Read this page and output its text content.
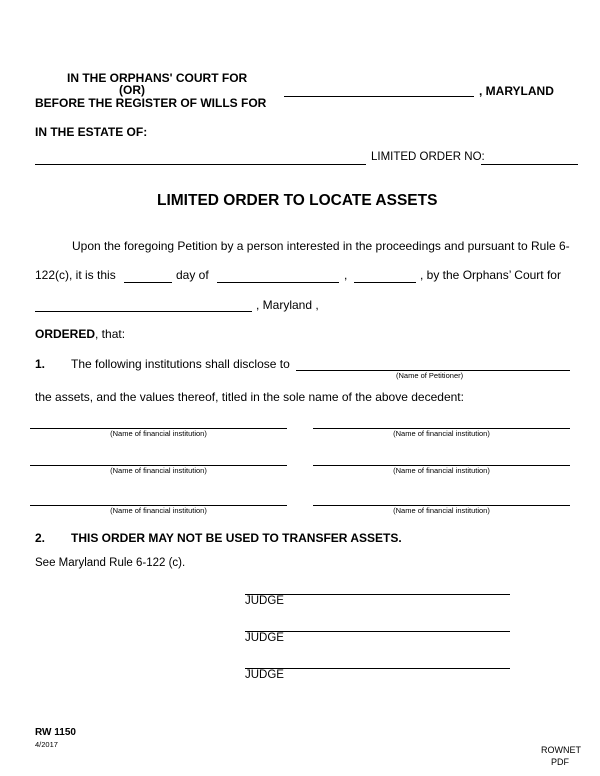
IN THE ORPHANS' COURT FOR
(OR)
BEFORE THE REGISTER OF WILLS FOR
, MARYLAND
IN THE ESTATE OF:
LIMITED ORDER NO:
LIMITED ORDER TO LOCATE ASSETS
Upon the foregoing Petition by a person interested in the proceedings and pursuant to Rule 6-
122(c), it is this	day of	,	, by the Orphans’ Court for
, Maryland ,
ORDERED, that:
1. The following institutions shall disclose to
(Name of Petitioner)
the assets, and the values thereof, titled in the sole name of the above decedent:
(Name of financial institution)	(Name of financial institution)
(Name of financial institution)	(Name of financial institution)
(Name of financial institution)	(Name of financial institution)
2. THIS ORDER MAY NOT BE USED TO TRANSFER ASSETS.
See Maryland Rule 6-122 (c).
JUDGE
JUDGE
JUDGE
RW 1150
4/2017
ROWNET
PDF
